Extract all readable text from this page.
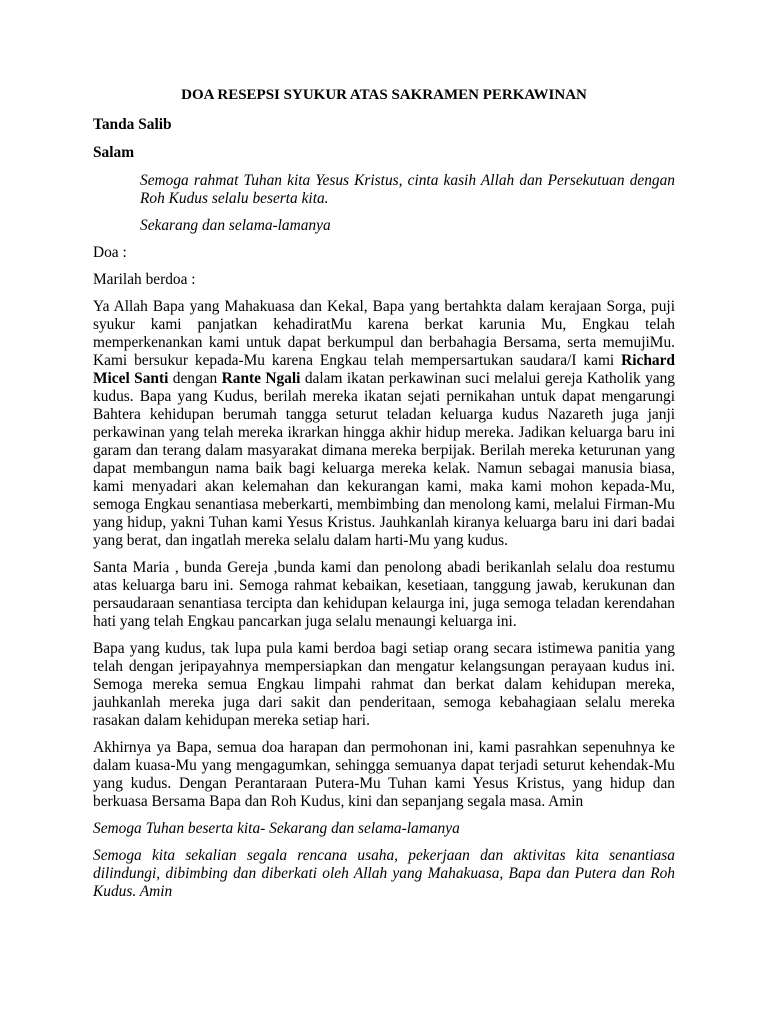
DOA RESEPSI SYUKUR ATAS SAKRAMEN PERKAWINAN
Tanda Salib
Salam
Semoga rahmat Tuhan kita Yesus Kristus, cinta kasih Allah dan Persekutuan dengan Roh Kudus selalu beserta kita.
Sekarang dan selama-lamanya

Doa :

Marilah berdoa :

Ya Allah Bapa yang Mahakuasa dan Kekal, Bapa yang bertahkta dalam kerajaan Sorga, puji syukur kami panjatkan kehadiratMu karena berkat karunia Mu, Engkau telah memperkenankan kami untuk dapat berkumpul dan berbahagia Bersama, serta memujiMu. Kami bersukur kepada-Mu karena Engkau telah mempersartukan saudara/I kami Richard Micel Santi dengan Rante Ngali dalam ikatan perkawinan suci melalui gereja Katholik yang kudus. Bapa yang Kudus, berilah mereka ikatan sejati pernikahan untuk dapat mengarungi Bahtera kehidupan berumah tangga seturut teladan keluarga kudus Nazareth juga janji perkawinan yang telah mereka ikrarkan hingga akhir hidup mereka. Jadikan keluarga baru ini garam dan terang dalam masyarakat dimana mereka berpijak. Berilah mereka keturunan yang dapat membangun nama baik bagi keluarga mereka kelak. Namun sebagai manusia biasa, kami menyadari akan kelemahan dan kekurangan kami, maka kami mohon kepada-Mu, semoga Engkau senantiasa meberkarti, membimbing dan menolong kami, melalui Firman-Mu yang hidup, yakni Tuhan kami Yesus Kristus. Jauhkanlah kiranya keluarga baru ini dari badai yang berat, dan ingatlah mereka selalu dalam harti-Mu yang kudus.

Santa Maria , bunda Gereja ,bunda kami dan penolong abadi berikanlah selalu doa restumu atas keluarga baru ini. Semoga rahmat kebaikan, kesetiaan, tanggung jawab, kerukunan dan persaudaraan senantiasa tercipta dan kehidupan kelaurga ini, juga semoga teladan kerendahan hati yang telah Engkau pancarkan juga selalu menaungi keluarga ini.

Bapa yang kudus, tak lupa pula kami berdoa bagi setiap orang secara istimewa panitia yang telah dengan jeripayahnya mempersiapkan dan mengatur kelangsungan perayaan kudus ini. Semoga mereka semua Engkau limpahi rahmat dan berkat dalam kehidupan mereka, jauhkanlah mereka juga dari sakit dan penderitaan, semoga kebahagiaan selalu mereka rasakan dalam kehidupan mereka setiap hari.

Akhirnya ya Bapa, semua doa harapan dan permohonan ini, kami pasrahkan sepenuhnya ke dalam kuasa-Mu yang mengagumkan, sehingga semuanya dapat terjadi seturut kehendak-Mu yang kudus. Dengan Perantaraan Putera-Mu Tuhan kami Yesus Kristus, yang hidup dan berkuasa Bersama Bapa dan Roh Kudus, kini dan sepanjang segala masa. Amin

Semoga Tuhan beserta kita- Sekarang dan selama-lamanya

Semoga kita sekalian segala rencana usaha, pekerjaan dan aktivitas kita senantiasa dilindungi, dibimbing dan diberkati oleh Allah yang Mahakuasa, Bapa dan Putera dan Roh Kudus. Amin
